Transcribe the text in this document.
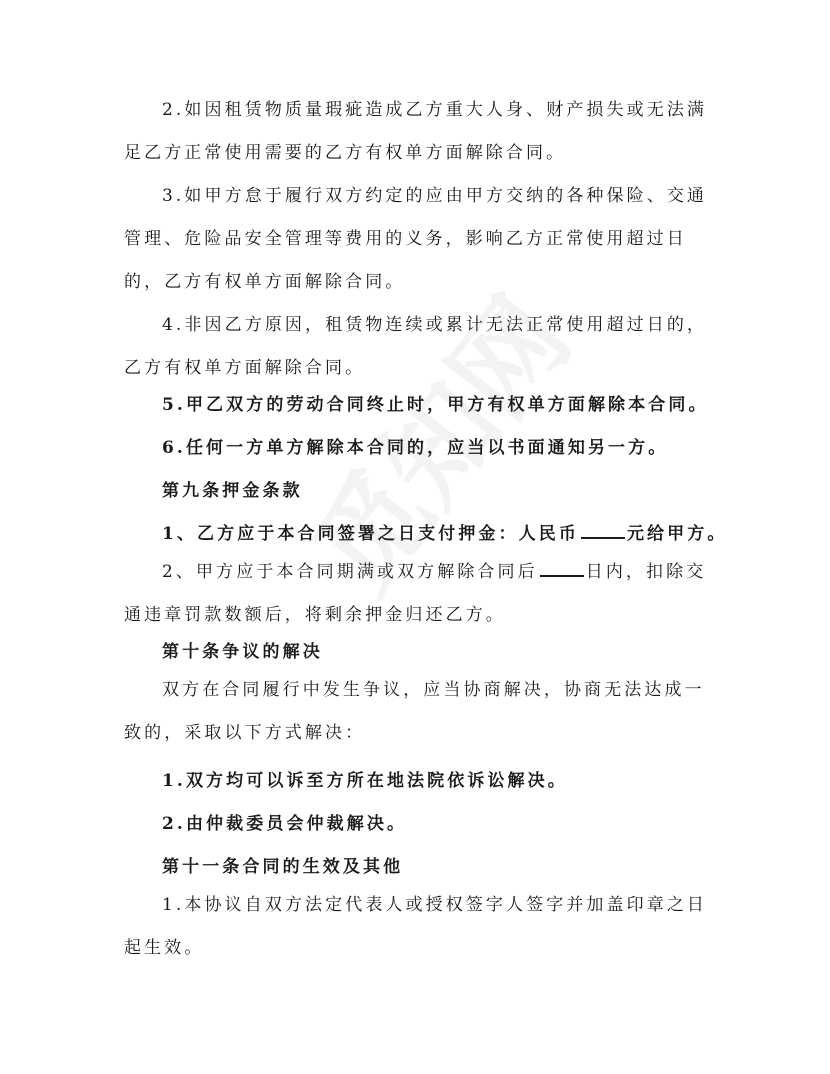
2.如因租赁物质量瑕疵造成乙方重大人身、财产损失或无法满足乙方正常使用需要的乙方有权单方面解除合同。

3.如甲方怠于履行双方约定的应由甲方交纳的各种保险、交通管理、危险品安全管理等费用的义务，影响乙方正常使用超过日的，乙方有权单方面解除合同。

4.非因乙方原因，租赁物连续或累计无法正常使用超过日的，乙方有权单方面解除合同。

5.甲乙双方的劳动合同终止时，甲方有权单方面解除本合同。
6.任何一方单方解除本合同的，应当以书面通知另一方。
第九条押金条款
1、乙方应于本合同签署之日支付押金：人民币	元给甲方。

2、甲方应于本合同期满或双方解除合同后	日内，扣除交通违章罚款数额后，将剩余押金归还乙方。

第十条争议的解决

双方在合同履行中发生争议，应当协商解决，协商无法达成一致的，采取以下方式解决：

1.双方均可以诉至方所在地法院依诉讼解决。
2.由仲裁委员会仲裁解决。
第十一条合同的生效及其他

1.本协议自双方法定代表人或授权签字人签字并加盖印章之日起生效。
